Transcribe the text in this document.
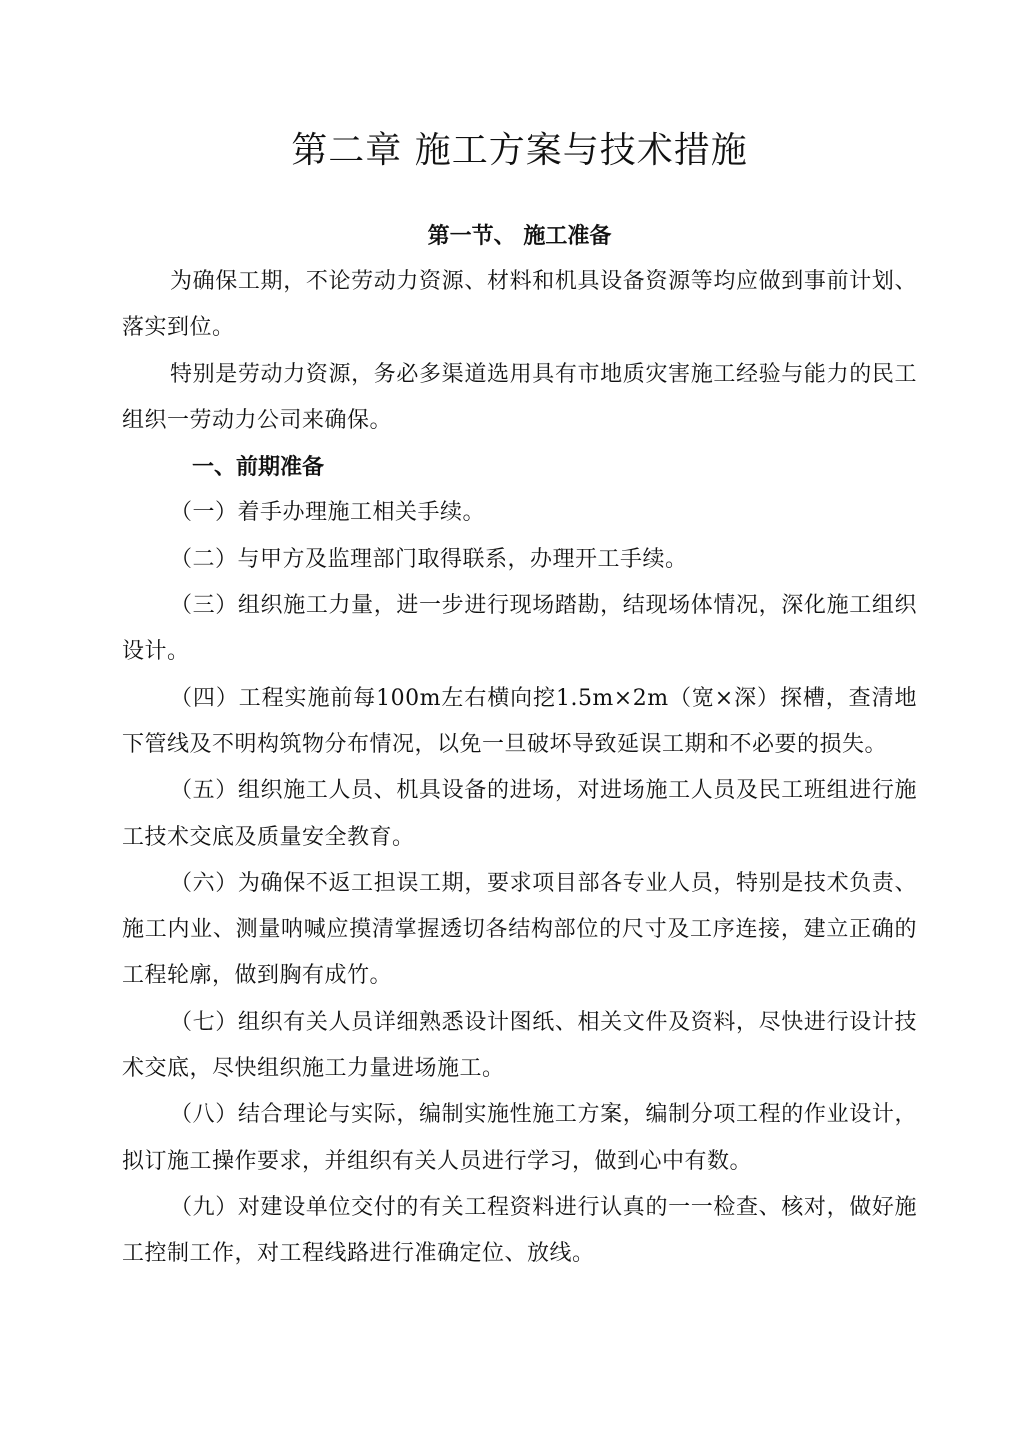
第二章 施工方案与技术措施
第一节、 施工准备

为确保工期，不论劳动力资源、材料和机具设备资源等均应做到事前计划、落实到位。

特别是劳动力资源，务必多渠道选用具有市地质灾害施工经验与能力的民工组织一劳动力公司来确保。

一、前期准备

（一）着手办理施工相关手续。

（二）与甲方及监理部门取得联系，办理开工手续。

（三）组织施工力量，进一步进行现场踏勘，结现场体情况，深化施工组织设计。

（四）工程实施前每100m左右横向挖1.5m×2m（宽×深）探槽，查清地下管线及不明构筑物分布情况，以免一旦破坏导致延误工期和不必要的损失。

（五）组织施工人员、机具设备的进场，对进场施工人员及民工班组进行施工技术交底及质量安全教育。

（六）为确保不返工担误工期，要求项目部各专业人员，特别是技术负责、施工内业、测量呐喊应摸清掌握透切各结构部位的尺寸及工序连接，建立正确的工程轮廓，做到胸有成竹。

（七）组织有关人员详细熟悉设计图纸、相关文件及资料，尽快进行设计技术交底，尽快组织施工力量进场施工。

（八）结合理论与实际，编制实施性施工方案，编制分项工程的作业设计，拟订施工操作要求，并组织有关人员进行学习，做到心中有数。

（九）对建设单位交付的有关工程资料进行认真的一一检查、核对，做好施工控制工作，对工程线路进行准确定位、放线。
